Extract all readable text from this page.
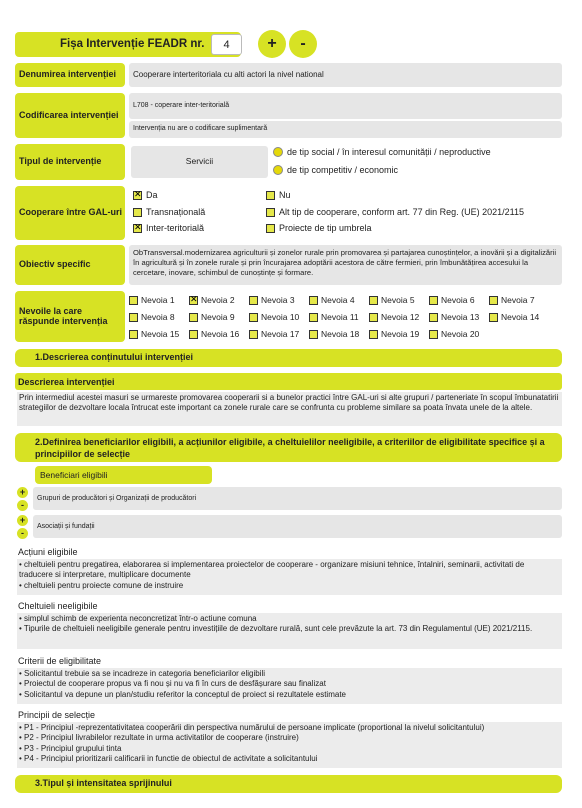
Fișa Intervenție FEADR nr.	4	+	-
Denumirea intervenției	Cooperare interteritoriala cu alti actori la nivel national
Codificarea intervenției
L708 - coperare inter-teritorială
Intervenția nu are o codificare suplimentară
Tipul de intervenție	Servicii
de tip social / în interesul comunității / neproductive
de tip competitiv / economic
Cooperare între GAL-uri
✕
Da	Nu
Transnațională	Alt tip de cooperare, conform art. 77 din Reg. (UE) 2021/2115
✕
Inter-teritorială	Proiecte de tip umbrela
Obiectiv specific
ObTransversal.modernizarea agriculturii și zonelor rurale prin promovarea și partajarea cunoștințelor, a inovării și a digitalizării în agricultură și în zonele rurale și prin încurajarea adoptării acestora de către fermieri, prin îmbunătățirea accesului la cercetare, inovare, schimbul de cunoștințe și formare.
Nevoile la care răspunde intervenția
Nevoia 1
✕	Nevoia 2	Nevoia 3	Nevoia 4	Nevoia 5	Nevoia 6	Nevoia 7
Nevoia 8	Nevoia 9	Nevoia 10	Nevoia 11	Nevoia 12	Nevoia 13	Nevoia 14
Nevoia 15	Nevoia 16	Nevoia 17	Nevoia 18	Nevoia 19	Nevoia 20
1.Descrierea conținutului intervenției
Descrierea intervenției
Prin intermediul acestei masuri se urmareste promovarea cooperarii si a bunelor practici între GAL-uri si alte grupuri / parteneriate în scopul îmbunatatirii strategiilor de dezvoltare locala întrucat este important ca zonele rurale care se confrunta cu probleme similare sa poata învata unele de la altele.
2.Definirea beneficiarilor eligibili, a acțiunilor eligibile, a cheltuielilor neeligibile, a criteriilor de eligibilitate specifice și a principiilor de selecție
Beneficiari eligibili
+
-
Grupuri de producători și Organizații de producători
+
-
Asociații și fundații
Acțiuni eligibile
• cheltuieli pentru pregatirea, elaborarea si implementarea proiectelor de cooperare - organizare misiuni tehnice, întalniri, seminarii, activitati de traducere si interpretare, multiplicare documente
• cheltuieli pentru proiecte comune de instruire
Cheltuieli neeligibile
• simplul schimb de experienta neconcretizat într-o actiune comuna
• Tipurile de cheltuieli neeligibile generale pentru investițiile de dezvoltare rurală, sunt cele prevăzute la art. 73 din Regulamentul (UE) 2021/2115.
Criterii de eligibilitate
• Solicitantul trebuie sa se incadreze in categoria beneficiarilor eligibili
• Proiectul de cooperare propus va fi nou și nu va fi în curs de desfășurare sau finalizat
• Solicitantul va depune un plan/studiu referitor la conceptul de proiect si rezultatele estimate
Principii de selecție
• P1 - Principiul -reprezentativitatea cooperării din perspectiva numărului de persoane implicate (proportional la nivelul solicitantului)
• P2 - Principiul livrabilelor rezultate in urma activitatilor de cooperare (instruire)
• P3 - Principiul grupului tinta
• P4 - Principiul prioritizarii calificarii in functie de obiectul de activitate a solicitantului
3.Tipul și intensitatea sprijinului
